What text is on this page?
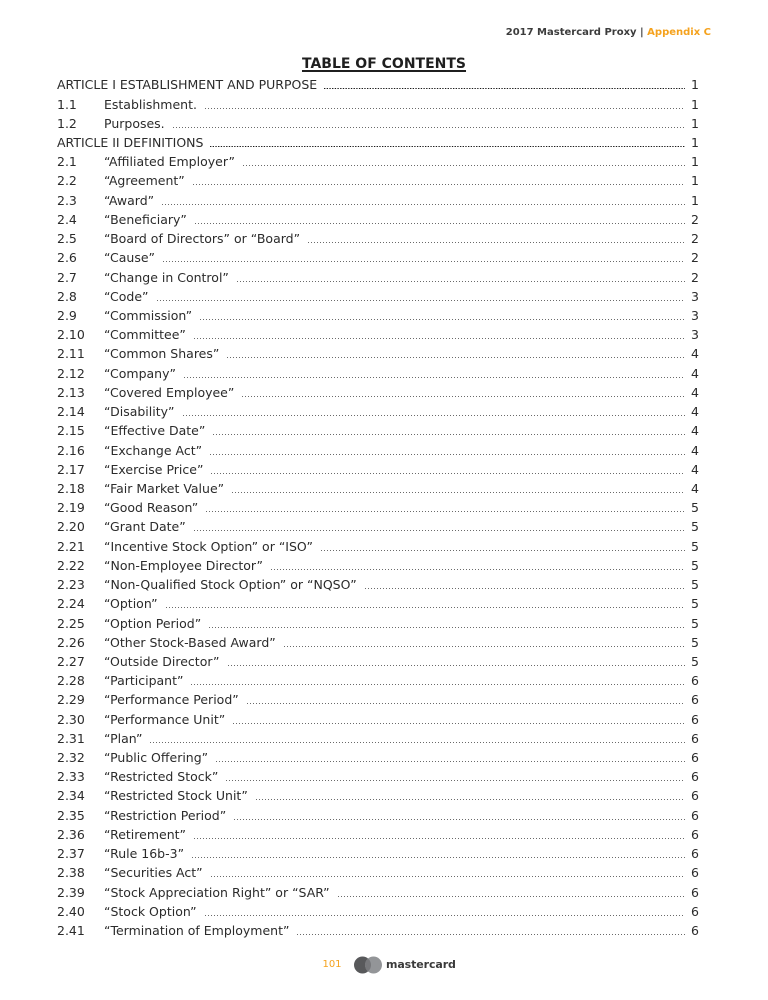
2017 Mastercard Proxy | Appendix C
TABLE OF CONTENTS
ARTICLE I ESTABLISHMENT AND PURPOSE	1
1.1	Establishment.	1
1.2	Purposes.	1
ARTICLE II DEFINITIONS	1
2.1	“Affiliated Employer”	1
2.2	“Agreement”	1
2.3	“Award”	1
2.4	“Beneficiary”	2
2.5	“Board of Directors” or “Board”	2
2.6	“Cause”	2
2.7	“Change in Control”	2
2.8	“Code”	3
2.9	“Commission”	3
2.10	“Committee”	3
2.11	“Common Shares”	4
2.12	“Company”	4
2.13	“Covered Employee”	4
2.14	“Disability”	4
2.15	“Effective Date”	4
2.16	“Exchange Act”	4
2.17	“Exercise Price”	4
2.18	“Fair Market Value”	4
2.19	“Good Reason”	5
2.20	“Grant Date”	5
2.21	“Incentive Stock Option” or “ISO”	5
2.22	“Non-Employee Director”	5
2.23	“Non-Qualified Stock Option” or “NQSO”	5
2.24	“Option”	5
2.25	“Option Period”	5
2.26	“Other Stock-Based Award”	5
2.27	“Outside Director”	5
2.28	“Participant”	6
2.29	“Performance Period”	6
2.30	“Performance Unit”	6
2.31	“Plan”	6
2.32	“Public Offering”	6
2.33	“Restricted Stock”	6
2.34	“Restricted Stock Unit”	6
2.35	“Restriction Period”	6
2.36	“Retirement”	6
2.37	“Rule 16b-3”	6
2.38	“Securities Act”	6
2.39	“Stock Appreciation Right” or “SAR”	6
2.40	“Stock Option”	6
2.41	“Termination of Employment”	6
101	mastercard
